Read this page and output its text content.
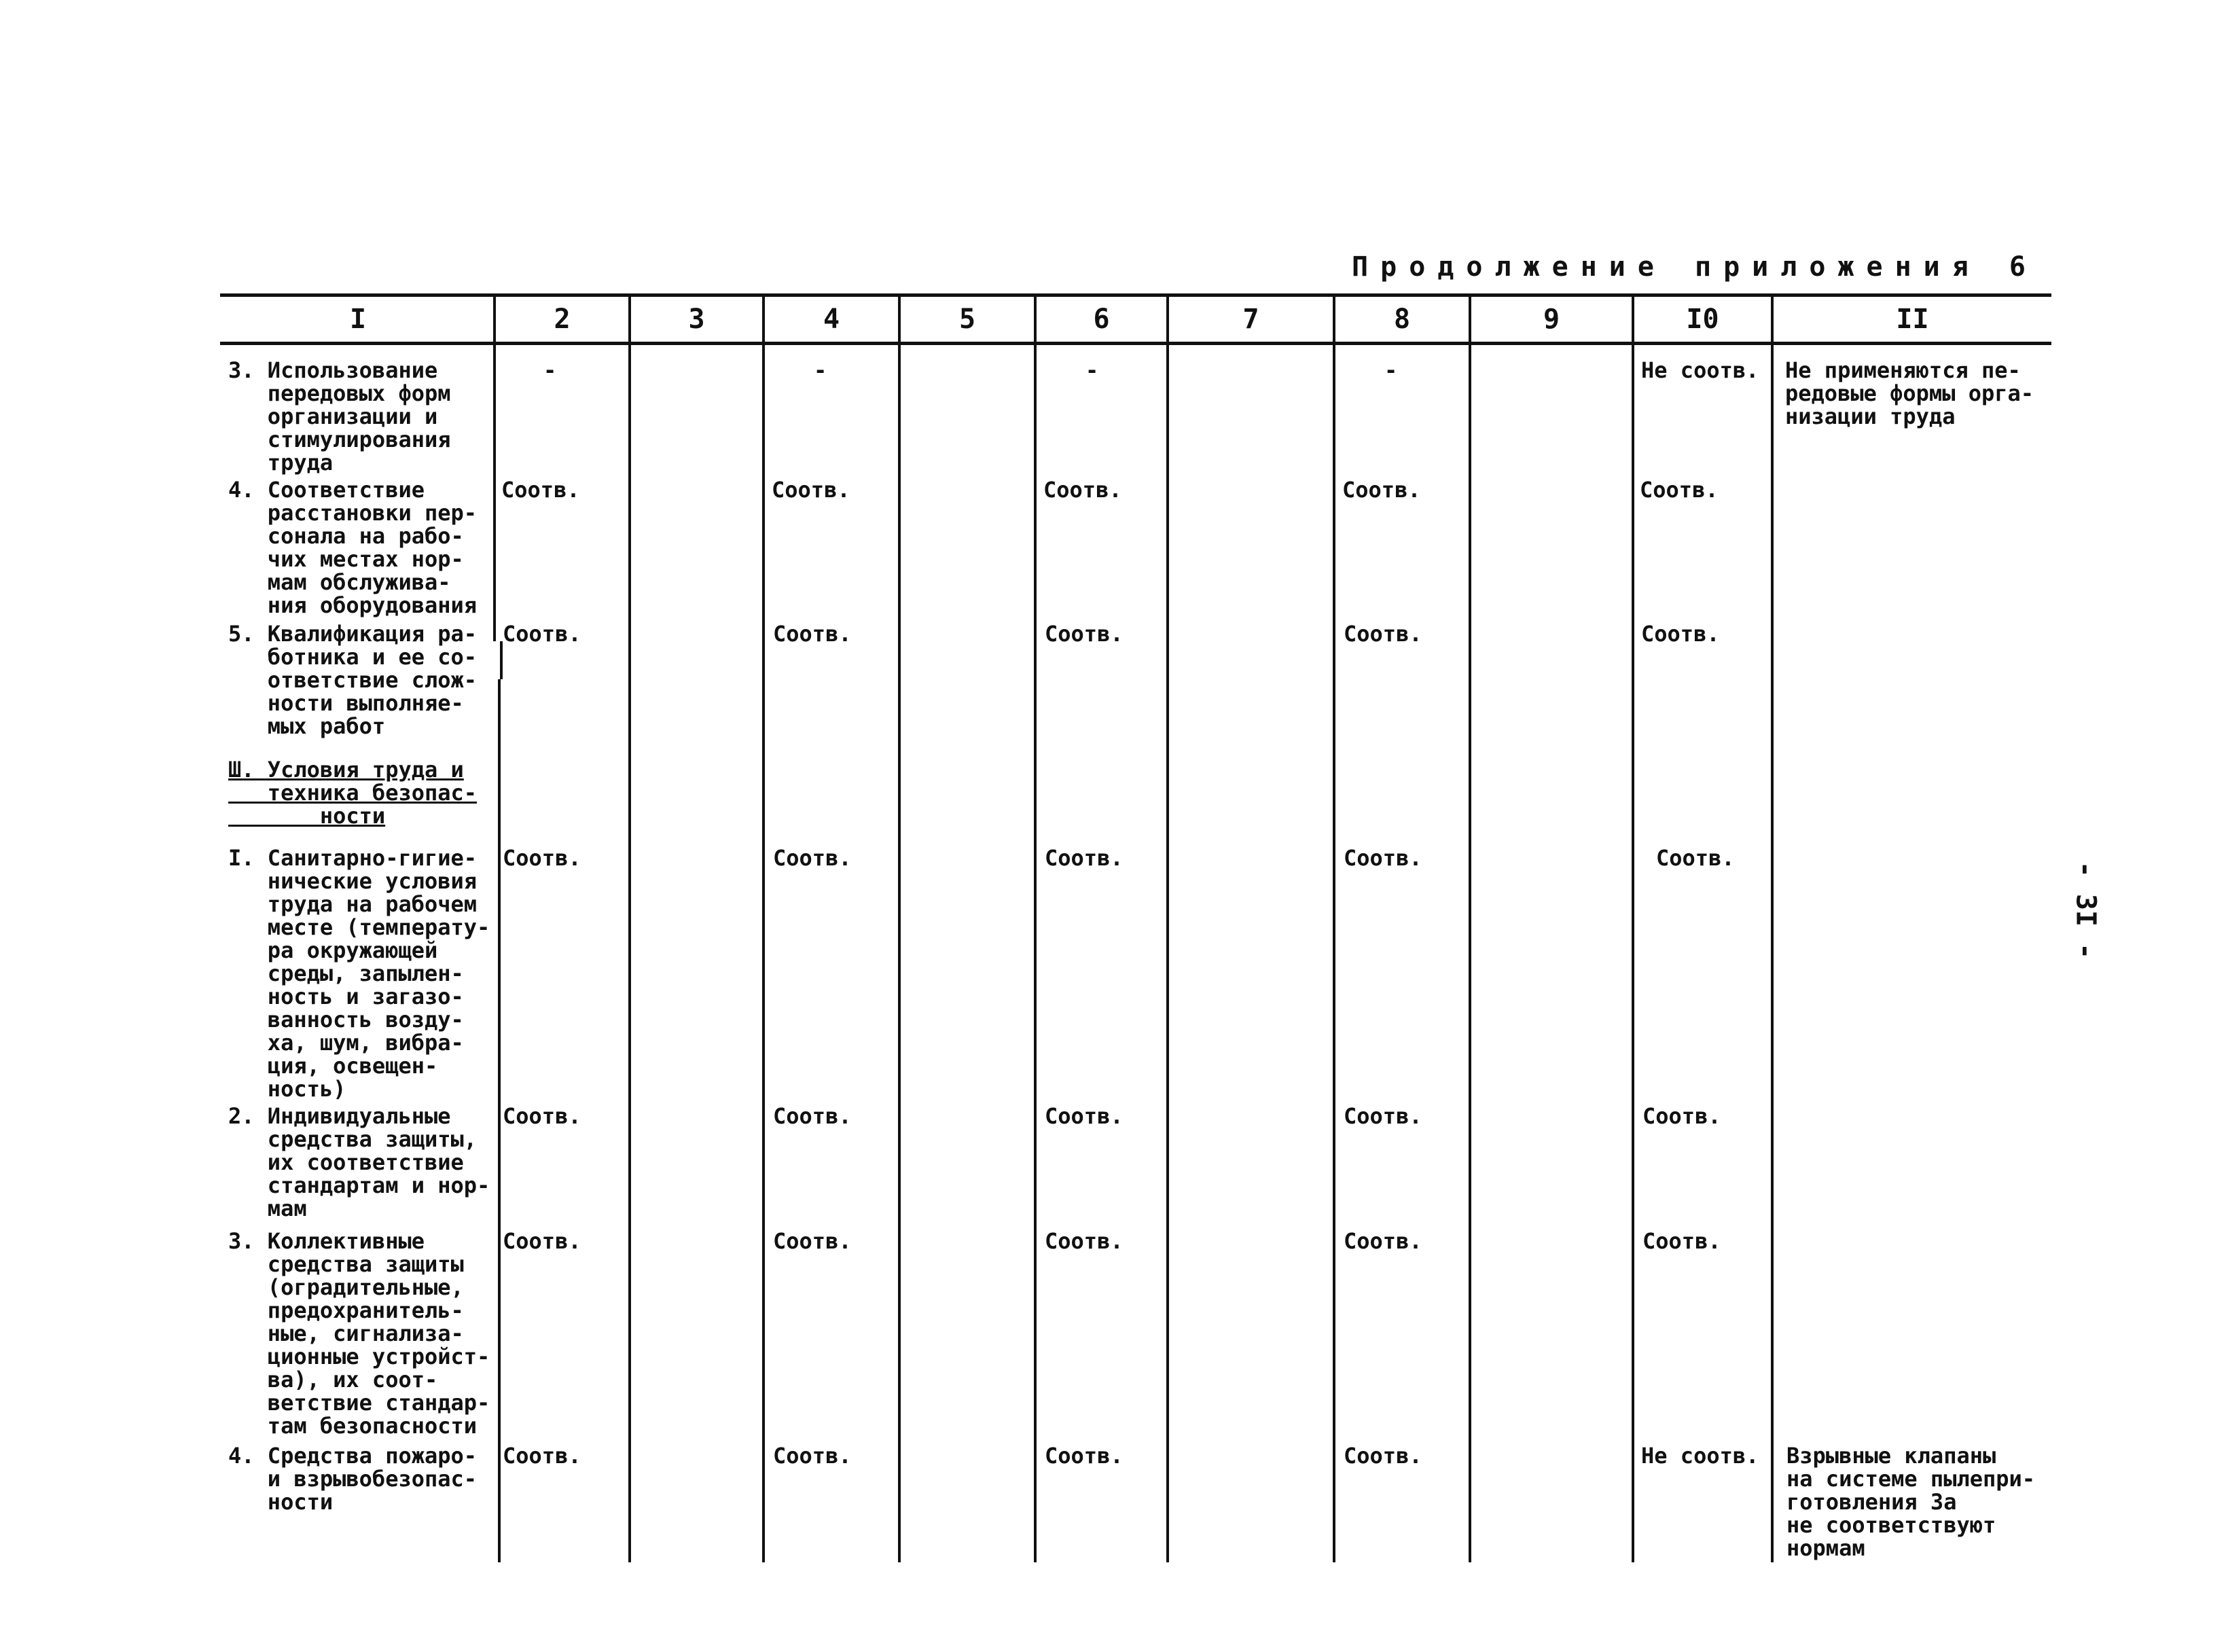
Продолжение приложения 6
- 3I -
I	2	3	4	5	6	7	8	9	I0	II
3. Использование
передовых форм
организации и
стимулирования
труда
-	-	-	-	Не соотв. Не применяются пе-
редовые формы орга-
низации труда
4. Соответствие
расстановки пер-
сонала на рабо-
чих местах нор-
мам обслужива-
ния оборудования
Соотв.	Соотв.	Соотв.	Соотв.	Соотв.
5. Квалификация ра-
ботника и ее со-
ответствие слож-
ности выполняе-
мых работ
Соотв.	Соотв.	Соотв.	Соотв.	Соотв.
Ш. Условия труда и
техника безопас-
ности
I. Санитарно-гигие-
нические условия
труда на рабочем
месте (температу-
ра окружающей
среды, запылен-
ность и загазо-
ванность возду-
ха, шум, вибра-
ция, освещен-
ность)
Соотв.	Соотв.	Соотв.	Соотв.	Соотв.
2. Индивидуальные
средства защиты,
их соответствие
стандартам и нор-
мам
Соотв.	Соотв.	Соотв.	Соотв.	Соотв.
3. Коллективные
средства защиты
(оградительные,
предохранитель-
ные, сигнализа-
ционные устройст-
ва), их соот-
ветствие стандар-
там безопасности
Соотв.	Соотв.	Соотв.	Соотв.	Соотв.
4. Средства пожаро-
и взрывобезопас-
ности
Соотв.	Соотв.	Соотв.	Соотв.	Не соотв. Взрывные клапаны
на системе пылепри-
готовления За
не соответствуют
нормам
